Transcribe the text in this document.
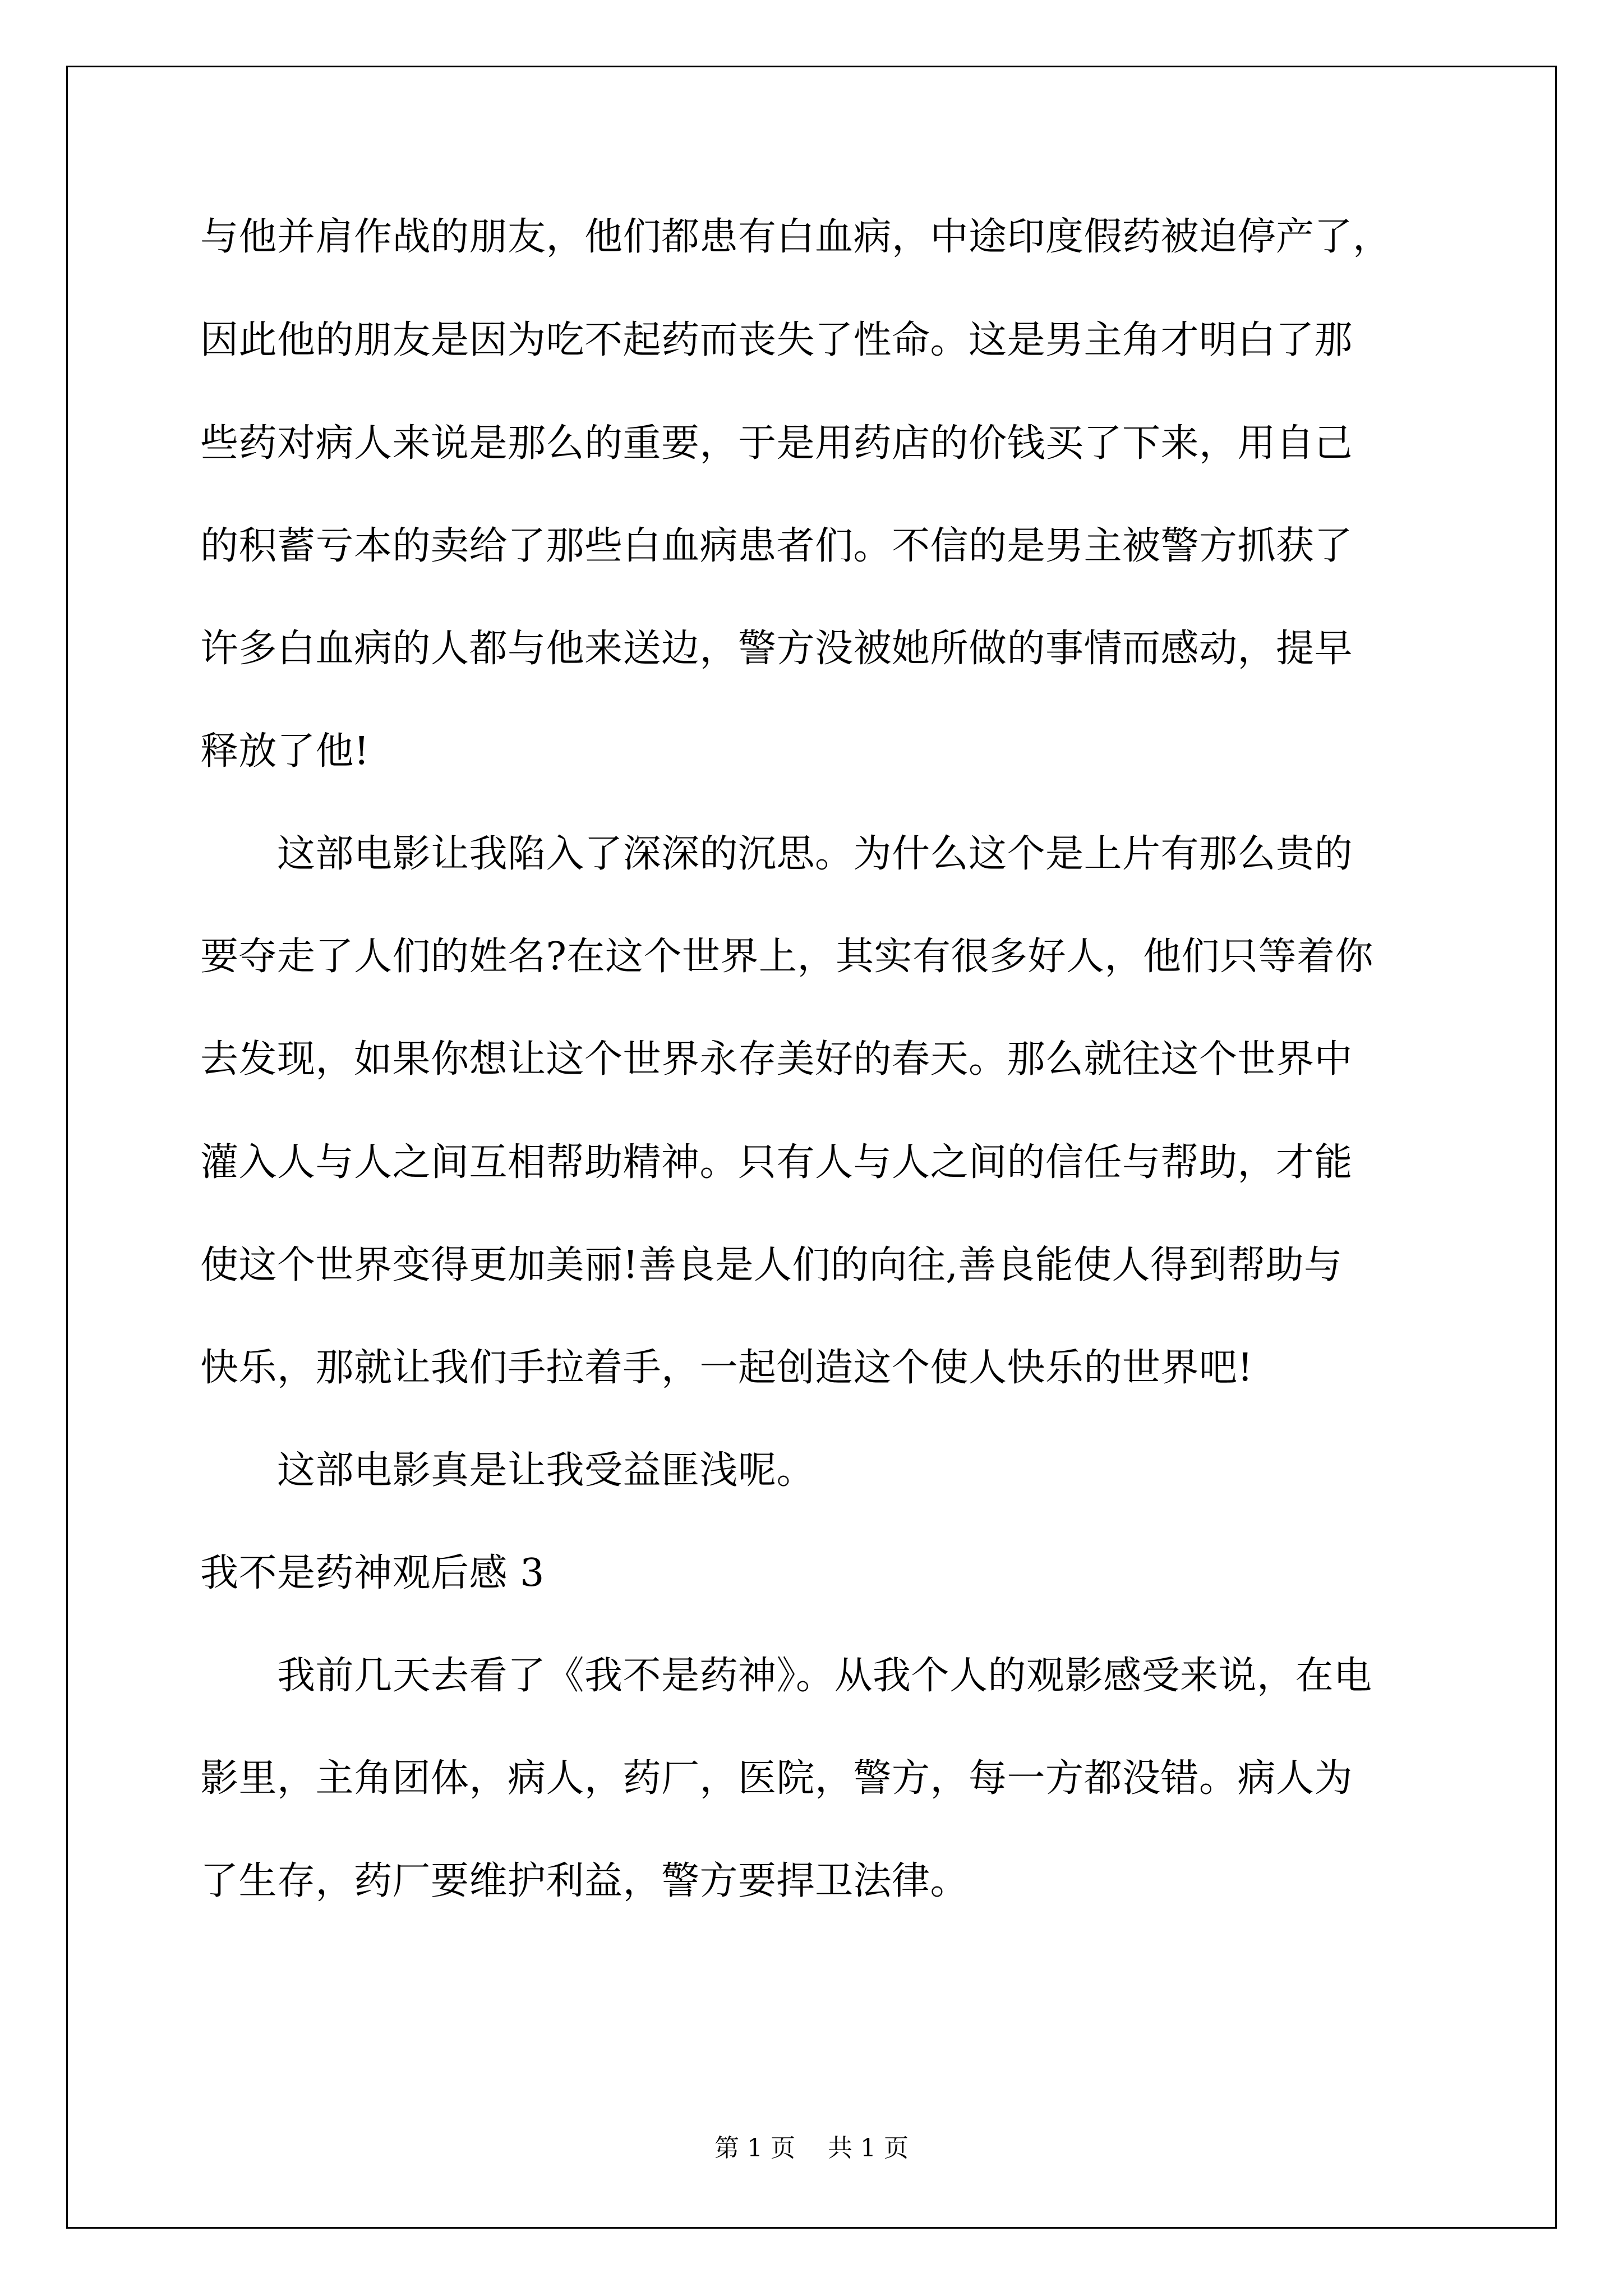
与他并肩作战的朋友，他们都患有白血病，中途印度假药被迫停产了，
因此他的朋友是因为吃不起药而丧失了性命。这是男主角才明白了那
些药对病人来说是那么的重要，于是用药店的价钱买了下来，用自己
的积蓄亏本的卖给了那些白血病患者们。不信的是男主被警方抓获了
许多白血病的人都与他来送边，警方没被她所做的事情而感动，提早
释放了他!
　　这部电影让我陷入了深深的沉思。为什么这个是上片有那么贵的
要夺走了人们的姓名?在这个世界上，其实有很多好人，他们只等着你
去发现，如果你想让这个世界永存美好的春天。那么就往这个世界中
灌入人与人之间互相帮助精神。只有人与人之间的信任与帮助，才能
使这个世界变得更加美丽!善良是人们的向往,善良能使人得到帮助与
快乐，那就让我们手拉着手，一起创造这个使人快乐的世界吧!
　　这部电影真是让我受益匪浅呢。
我不是药神观后感 3
　　我前几天去看了《我不是药神》。从我个人的观影感受来说，在电
影里，主角团体，病人，药厂，医院，警方，每一方都没错。病人为
了生存，药厂要维护利益，警方要捍卫法律。
第 1 页　 共 1 页
